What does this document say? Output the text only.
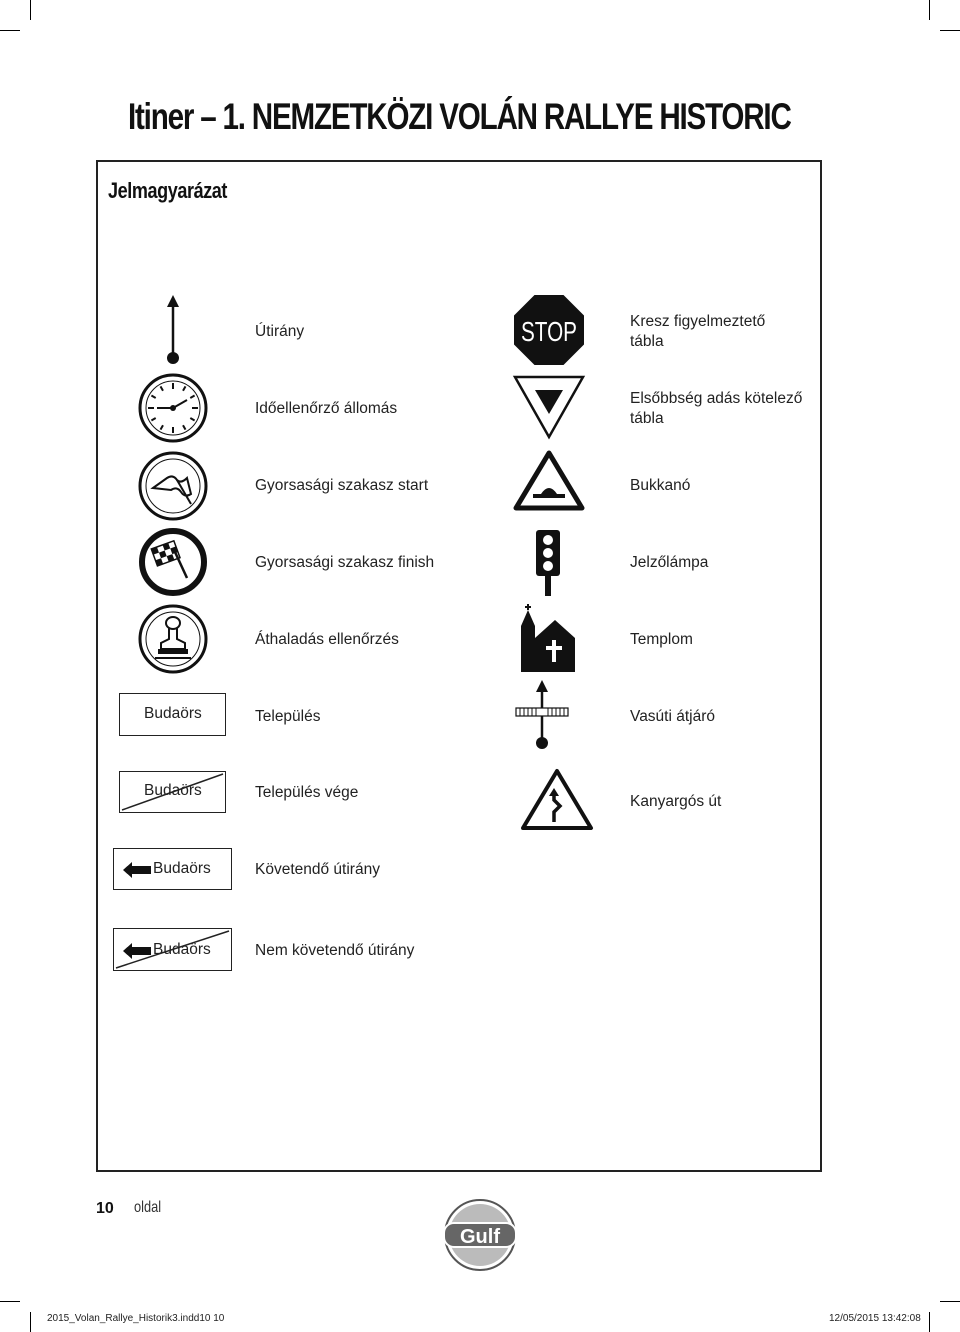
Itiner – 1. NEMZETKÖZI VOLÁN RALLYE HISTORIC
Jelmagyarázat
Útirány
Időellenőrző állomás
Gyorsasági szakasz start
Gyorsasági szakasz finish
Áthaladás ellenőrzés
Budaörs	Település
Budaörs	Település vége
Budaörs	Követendő útirány
Budaörs	Nem követendő útirány
STOP	Kresz figyelmeztető
tábla
Elsőbbség adás kötelező
tábla
Bukkanó
Jelzőlámpa
Templom
Vasúti átjáró
Kanyargós út
10 oldal
Gulf
2015_Volan_Rallye_Historik3.indd10 10	12/05/2015 13:42:08
